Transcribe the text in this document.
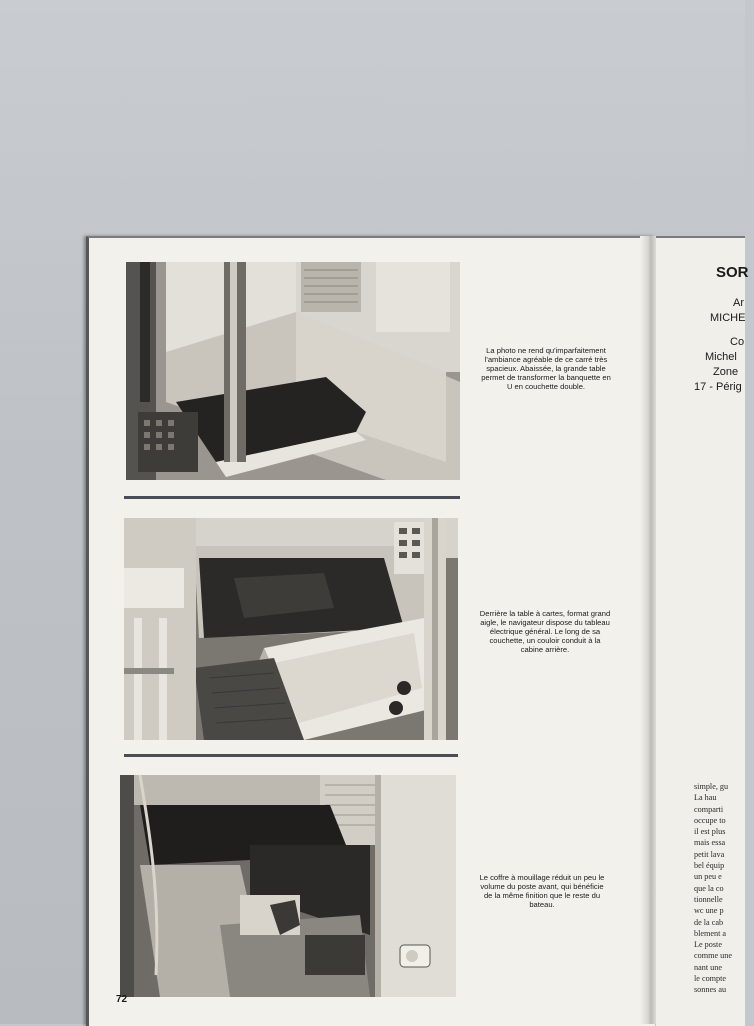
La photo ne rend qu'imparfaitement l'ambiance agréable de ce carré très spacieux. Abaissée, la grande table permet de transformer la banquette en U en couchette double.
Derrière la table à cartes, format grand aigle, le navigateur dispose du tableau électrique général. Le long de sa couchette, un couloir conduit à la cabine arrière.
Le coffre à mouillage réduit un peu le volume du poste avant, qui bénéficie de la même finition que le reste du bateau.
72
SOR
Ar
MICHE
Co
Michel
Zone
17 - Périg
simple, gu
La hau
comparti
occupe to
il est plus
mais essa
petit lava
bel équip
un peu e
que la co
tionnelle
wc une p
de la cab
blement a
Le poste
comme une
nant une
le compte
sonnes au
